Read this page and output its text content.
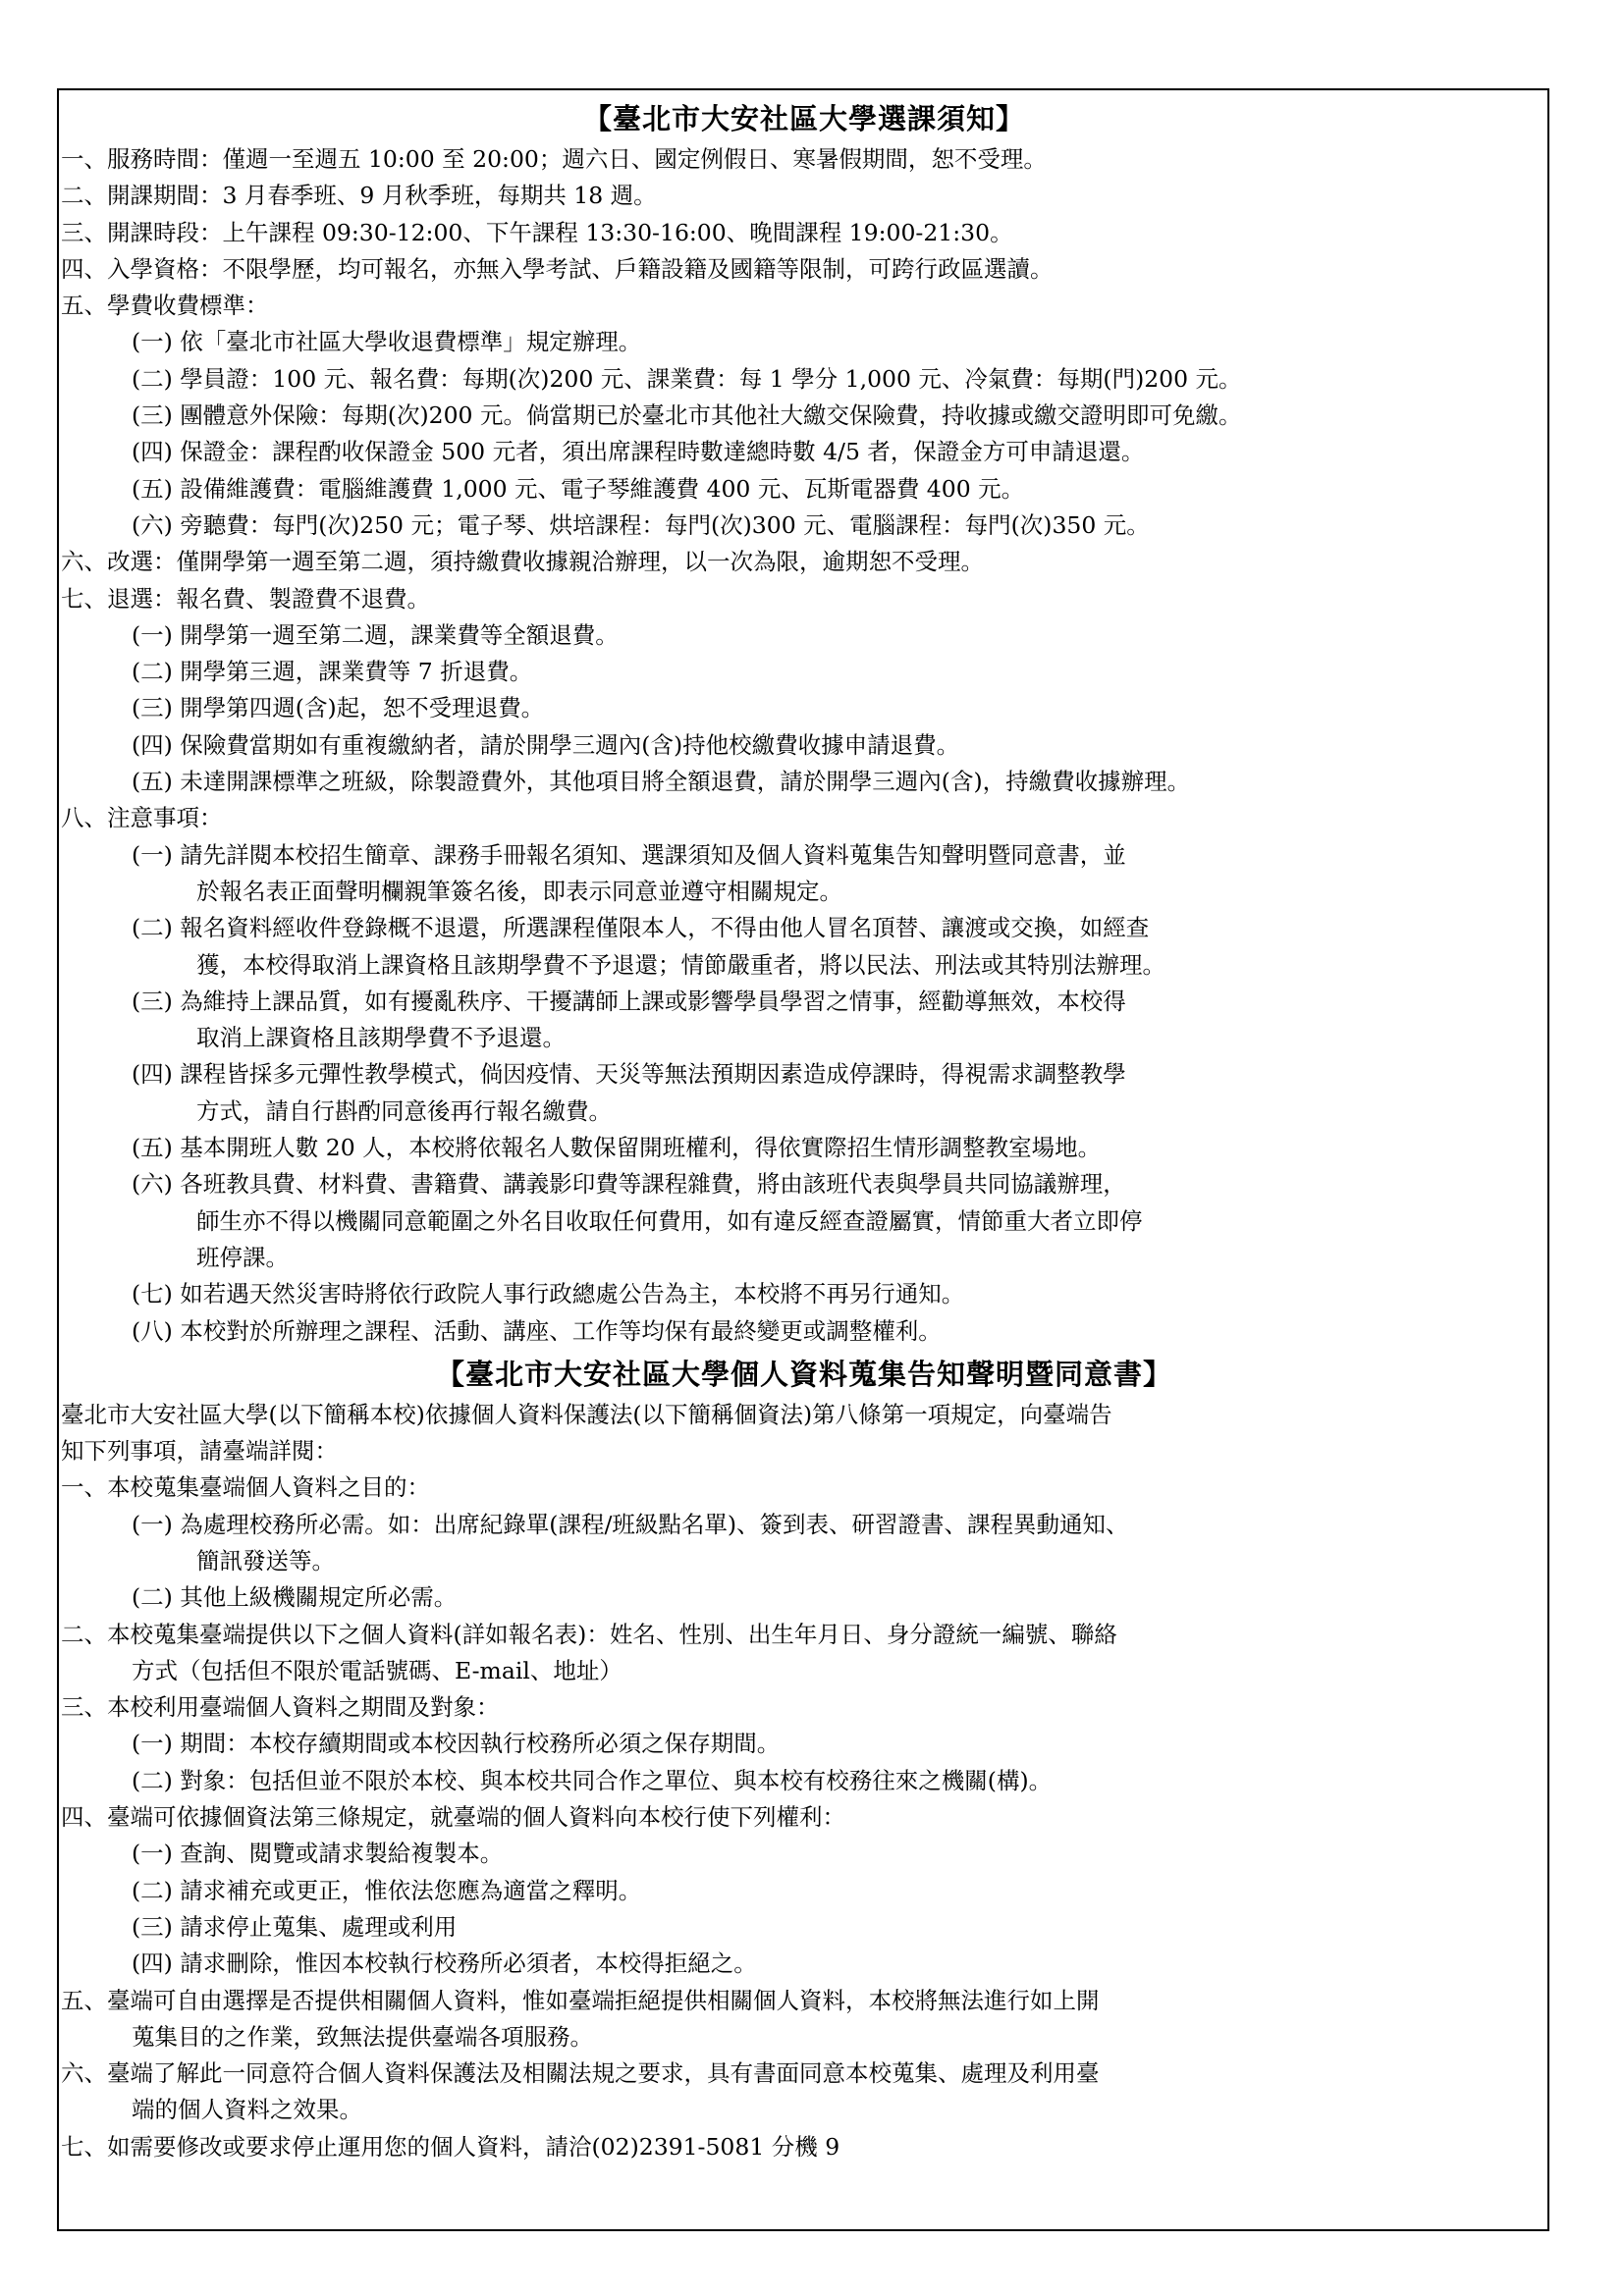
【臺北市大安社區大學選課須知】
一、服務時間：僅週一至週五 10:00 至 20:00；週六日、國定例假日、寒暑假期間，恕不受理。
二、開課期間：3 月春季班、9 月秋季班，每期共 18 週。
三、開課時段：上午課程 09:30-12:00、下午課程 13:30-16:00、晚間課程 19:00-21:30。
四、入學資格：不限學歷，均可報名，亦無入學考試、戶籍設籍及國籍等限制，可跨行政區選讀。
五、學費收費標準：
(一) 依「臺北市社區大學收退費標準」規定辦理。
(二) 學員證：100 元、報名費：每期(次)200 元、課業費：每 1 學分 1,000 元、冷氣費：每期(門)200 元。
(三) 團體意外保險：每期(次)200 元。倘當期已於臺北市其他社大繳交保險費，持收據或繳交證明即可免繳。
(四) 保證金：課程酌收保證金 500 元者，須出席課程時數達總時數 4/5 者，保證金方可申請退還。
(五) 設備維護費：電腦維護費 1,000 元、電子琴維護費 400 元、瓦斯電器費 400 元。
(六) 旁聽費：每門(次)250 元；電子琴、烘培課程：每門(次)300 元、電腦課程：每門(次)350 元。
六、改選：僅開學第一週至第二週，須持繳費收據親洽辦理，以一次為限，逾期恕不受理。
七、退選：報名費、製證費不退費。
(一) 開學第一週至第二週，課業費等全額退費。
(二) 開學第三週，課業費等 7 折退費。
(三) 開學第四週(含)起，恕不受理退費。
(四) 保險費當期如有重複繳納者，請於開學三週內(含)持他校繳費收據申請退費。
(五) 未達開課標準之班級，除製證費外，其他項目將全額退費，請於開學三週內(含)，持繳費收據辦理。
八、注意事項：
(一) 請先詳閱本校招生簡章、課務手冊報名須知、選課須知及個人資料蒐集告知聲明暨同意書，並
於報名表正面聲明欄親筆簽名後，即表示同意並遵守相關規定。
(二) 報名資料經收件登錄概不退還，所選課程僅限本人，不得由他人冒名頂替、讓渡或交換，如經查
獲，本校得取消上課資格且該期學費不予退還；情節嚴重者，將以民法、刑法或其特別法辦理。
(三) 為維持上課品質，如有擾亂秩序、干擾講師上課或影響學員學習之情事，經勸導無效，本校得
取消上課資格且該期學費不予退還。
(四) 課程皆採多元彈性教學模式，倘因疫情、天災等無法預期因素造成停課時，得視需求調整教學
方式，請自行斟酌同意後再行報名繳費。
(五) 基本開班人數 20 人，本校將依報名人數保留開班權利，得依實際招生情形調整教室場地。
(六) 各班教具費、材料費、書籍費、講義影印費等課程雜費，將由該班代表與學員共同協議辦理，
師生亦不得以機關同意範圍之外名目收取任何費用，如有違反經查證屬實，情節重大者立即停
班停課。
(七) 如若遇天然災害時將依行政院人事行政總處公告為主，本校將不再另行通知。
(八) 本校對於所辦理之課程、活動、講座、工作等均保有最終變更或調整權利。
【臺北市大安社區大學個人資料蒐集告知聲明暨同意書】
臺北市大安社區大學(以下簡稱本校)依據個人資料保護法(以下簡稱個資法)第八條第一項規定，向臺端告
知下列事項，請臺端詳閱：
一、本校蒐集臺端個人資料之目的：
(一) 為處理校務所必需。如：出席紀錄單(課程/班級點名單)、簽到表、研習證書、課程異動通知、
簡訊發送等。
(二) 其他上級機關規定所必需。
二、本校蒐集臺端提供以下之個人資料(詳如報名表)：姓名、性別、出生年月日、身分證統一編號、聯絡
方式（包括但不限於電話號碼、E-mail、地址）
三、本校利用臺端個人資料之期間及對象：
(一) 期間：本校存續期間或本校因執行校務所必須之保存期間。
(二) 對象：包括但並不限於本校、與本校共同合作之單位、與本校有校務往來之機關(構)。
四、臺端可依據個資法第三條規定，就臺端的個人資料向本校行使下列權利：
(一) 查詢、閱覽或請求製給複製本。
(二) 請求補充或更正，惟依法您應為適當之釋明。
(三) 請求停止蒐集、處理或利用
(四) 請求刪除，惟因本校執行校務所必須者，本校得拒絕之。
五、臺端可自由選擇是否提供相關個人資料，惟如臺端拒絕提供相關個人資料，本校將無法進行如上開
蒐集目的之作業，致無法提供臺端各項服務。
六、臺端了解此一同意符合個人資料保護法及相關法規之要求，具有書面同意本校蒐集、處理及利用臺
端的個人資料之效果。
七、如需要修改或要求停止運用您的個人資料，請洽(02)2391-5081 分機 9
